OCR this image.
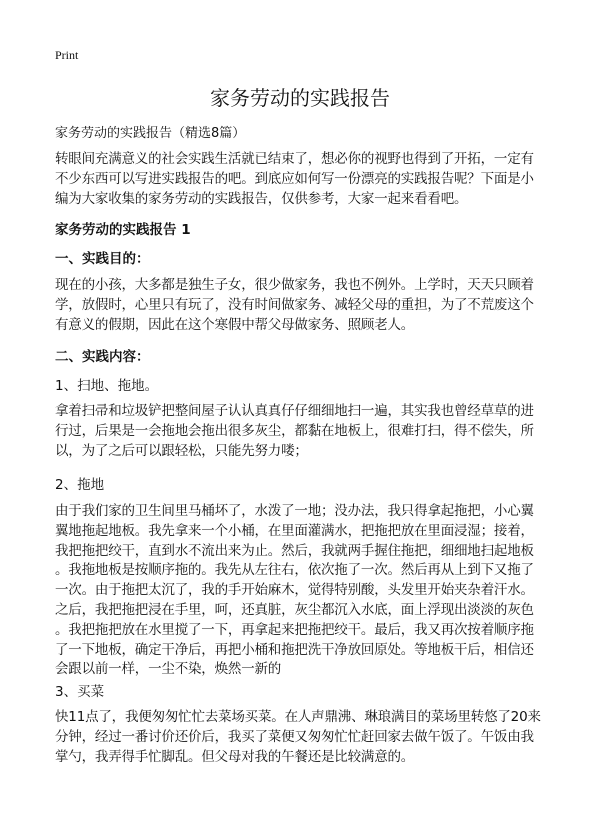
Print
家务劳动的实践报告
家务劳动的实践报告（精选8篇）
转眼间充满意义的社会实践生活就已结束了，想必你的视野也得到了开拓，一定有
不少东西可以写进实践报告的吧。到底应如何写一份漂亮的实践报告呢？下面是小
编为大家收集的家务劳动的实践报告，仅供参考，大家一起来看看吧。
家务劳动的实践报告 1
一、实践目的：
现在的小孩，大多都是独生子女，很少做家务，我也不例外。上学时，天天只顾着
学，放假时，心里只有玩了，没有时间做家务、减轻父母的重担，为了不荒废这个
有意义的假期，因此在这个寒假中帮父母做家务、照顾老人。
二、实践内容：
1、扫地、拖地。
拿着扫帚和垃圾铲把整间屋子认认真真仔仔细细地扫一遍，其实我也曾经草草的进
行过，后果是一会拖地会拖出很多灰尘，都黏在地板上，很难打扫，得不偿失，所
以，为了之后可以跟轻松，只能先努力喽；
2、拖地
由于我们家的卫生间里马桶坏了，水泼了一地；没办法，我只得拿起拖把，小心翼
翼地拖起地板。我先拿来一个小桶，在里面灌满水，把拖把放在里面浸湿；接着，
我把拖把绞干，直到水不流出来为止。然后，我就两手握住拖把，细细地扫起地板
。我拖地板是按顺序拖的。我先从左往右，依次拖了一次。然后再从上到下又拖了
一次。由于拖把太沉了，我的手开始麻木，觉得特别酸，头发里开始夹杂着汗水。
之后，我把拖把浸在手里，呵，还真脏，灰尘都沉入水底，面上浮现出淡淡的灰色
。我把拖把放在水里搅了一下，再拿起来把拖把绞干。最后，我又再次按着顺序拖
了一下地板，确定干净后，再把小桶和拖把洗干净放回原处。等地板干后，相信还
会跟以前一样，一尘不染，焕然一新的
3、买菜
快11点了，我便匆匆忙忙去菜场买菜。在人声鼎沸、琳琅满目的菜场里转悠了20来
分钟，经过一番讨价还价后，我买了菜便又匆匆忙忙赶回家去做午饭了。午饭由我
掌勺，我弄得手忙脚乱。但父母对我的午餐还是比较满意的。
